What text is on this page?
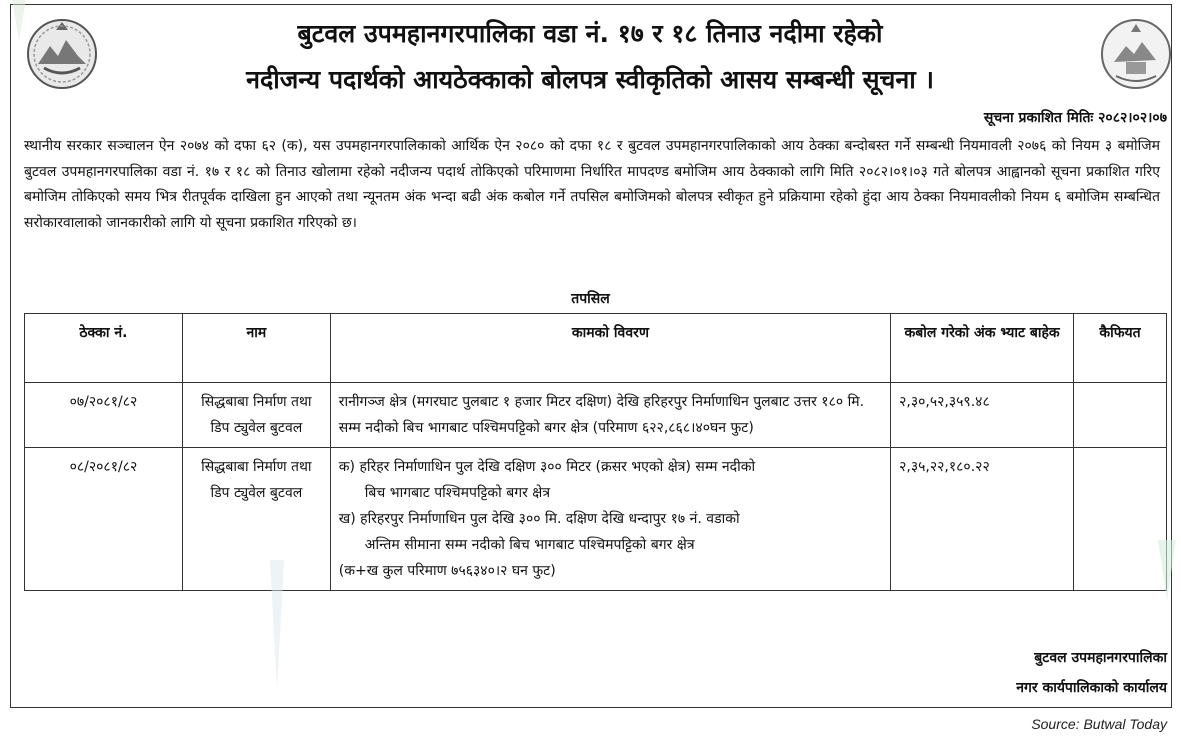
बुटवल उपमहानगरपालिका वडा नं. १७ र १८ तिनाउ नदीमा रहेको
नदीजन्य पदार्थको आयठेक्काको बोलपत्र स्वीकृतिको आसय सम्बन्धी सूचना ।
सूचना प्रकाशित मितिः २०८२।०२।०७
स्थानीय सरकार सञ्चालन ऐन २०७४ को दफा ६२ (क), यस उपमहानगरपालिकाको आर्थिक ऐन २०८० को दफा १८ र बुटवल उपमहानगरपालिकाको आय ठेक्का बन्दोबस्त गर्ने सम्बन्धी नियमावली २०७६ को नियम ३ बमोजिम बुटवल उपमहानगरपालिका वडा नं. १७ र १८ को तिनाउ खोलामा रहेको नदीजन्य पदार्थ तोकिएको परिमाणमा निर्धारित मापदण्ड बमोजिम आय ठेक्काको लागि मिति २०८२।०१।०३ गते बोलपत्र आह्वानको सूचना प्रकाशित गरिए बमोजिम तोकिएको समय भित्र रीतपूर्वक दाखिला हुन आएको तथा न्यूनतम अंक भन्दा बढी अंक कबोल गर्ने तपसिल बमोजिमको बोलपत्र स्वीकृत हुने प्रक्रियामा रहेको हुंदा आय ठेक्का नियमावलीको नियम ६ बमोजिम सम्बन्धित सरोकारवालाको जानकारीको लागि यो सूचना प्रकाशित गरिएको छ।
तपसिल
ठेक्का नं.	नाम	कामको विवरण	कबोल गरेको अंक भ्याट बाहेक	कैफियत
०७/२०८१/८२	सिद्धबाबा निर्माण तथा डिप ट्युवेल बुटवल	रानीगञ्ज क्षेत्र (मगरघाट पुलबाट १ हजार मिटर दक्षिण) देखि हरिहरपुर निर्माणाधिन पुलबाट उत्तर १८० मि. सम्म नदीको बिच भागबाट पश्चिमपट्टिको बगर क्षेत्र (परिमाण ६२२,८६८।४०घन फुट)	२,३०,५२,३५९.४८	
०८/२०८१/८२	सिद्धबाबा निर्माण तथा डिप ट्युवेल बुटवल	क) हरिहर निर्माणाधिन पुल देखि दक्षिण ३०० मिटर (क्रसर भएको क्षेत्र) सम्म नदीको
बिच भागबाट पश्चिमपट्टिको बगर क्षेत्र
ख) हरिहरपुर निर्माणाधिन पुल देखि ३०० मि. दक्षिण देखि धन्दापुर १७ नं. वडाको
अन्तिम सीमाना सम्म नदीको बिच भागबाट पश्चिमपट्टिको बगर क्षेत्र
(क+ख कुल परिमाण ७५६३४०।२ घन फुट)	२,३५,२२,१८०.२२	
बुटवल उपमहानगरपालिका
नगर कार्यपालिकाको कार्यालय
Source: Butwal Today
